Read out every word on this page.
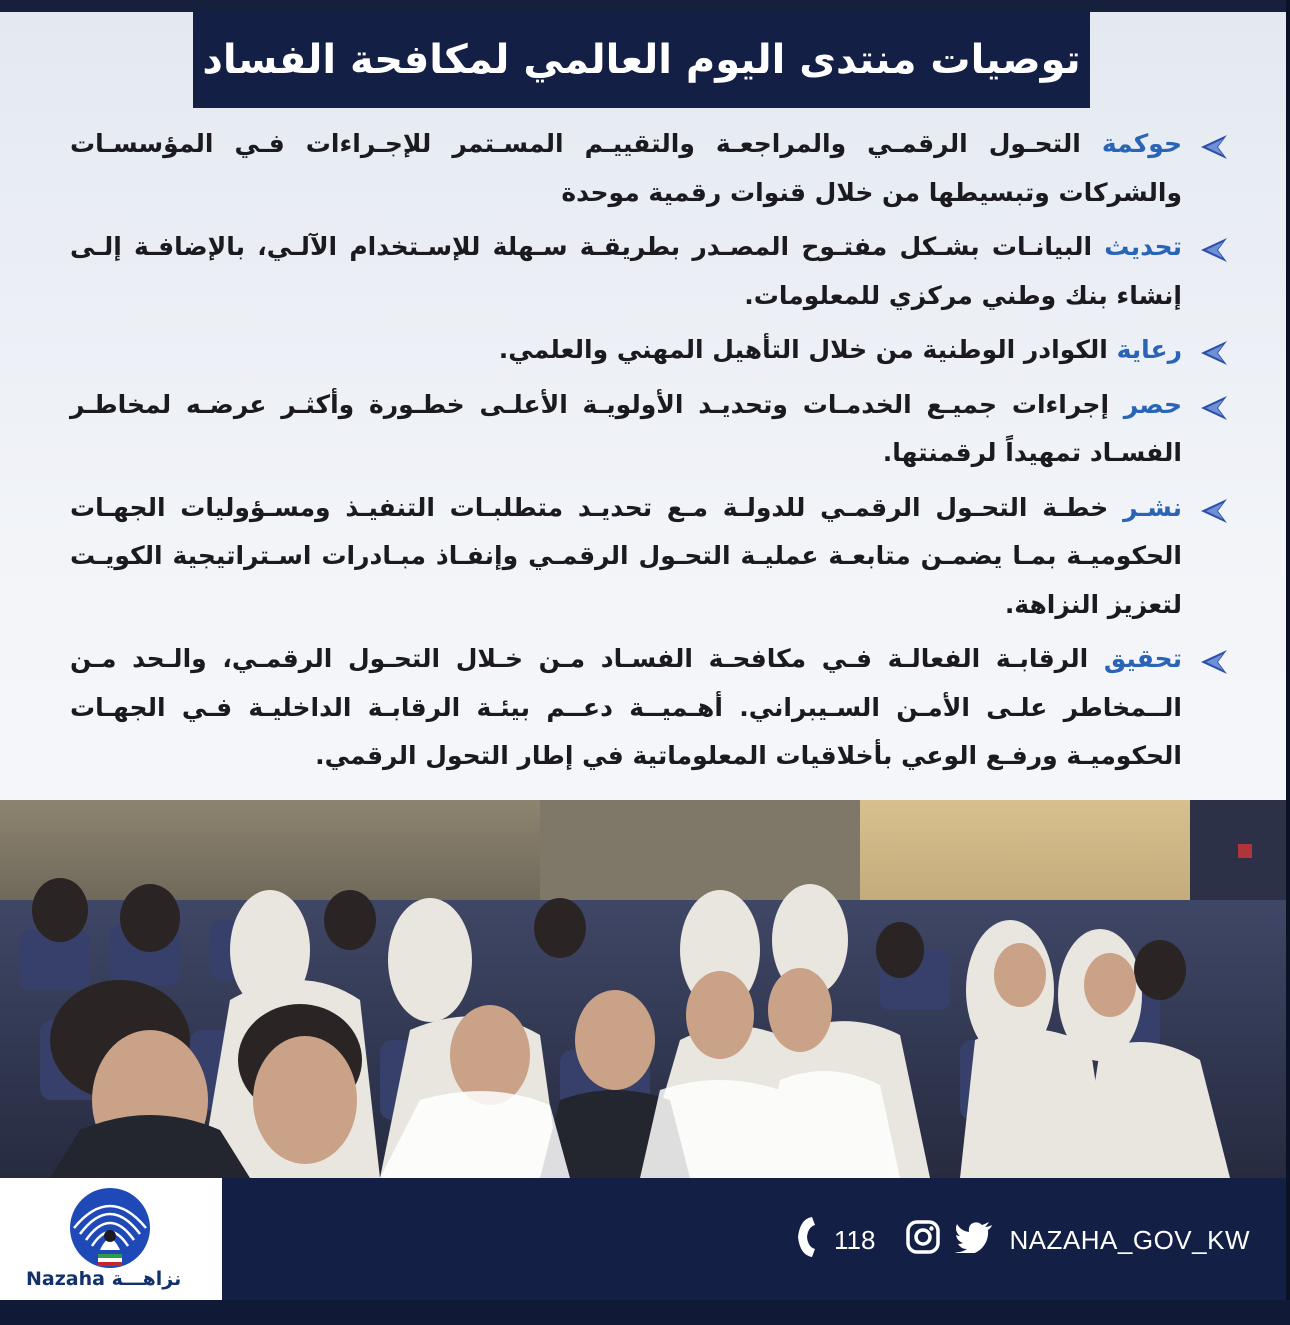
توصيات منتدى اليوم العالمي لمكافحة الفساد

حوكمة التحـول الرقمـي والمراجعـة والتقييـم المسـتمر للإجـراءات فـي المؤسسـات والشركات وتبسيطها من خلال قنوات رقمية موحدة

تحديث البيانـات بشـكل مفتـوح المصـدر بطريقـة سـهلة للإسـتخدام الآلـي، بالإضافـة إلـى إنشاء بنك وطني مركزي للمعلومات.

رعاية الكوادر الوطنية من خلال التأهيل المهني والعلمي.

حصر إجراءات جميـع الخدمـات وتحديـد الأولويـة الأعلـى خطـورة وأكثـر عرضـه لمخاطـر الفسـاد تمهيداً لرقمنتها.

نشـر خطـة التحـول الرقمـي للدولـة مـع تحديـد متطلبـات التنفيـذ ومسـؤوليات الجهـات الحكوميـة بمـا يضمـن متابعـة عمليـة التحـول الرقمـي وإنفـاذ مبـادرات اسـتراتيجية الكويـت لتعزيز النزاهة.

تحقيق الرقابـة الفعالـة فـي مكافحـة الفسـاد مـن خـلال التحـول الرقمـي، والـحد مـن الــمخاطر علـى الأمـن السـيبراني. أهـميــة دعــم بيئـة الرقابـة الداخليـة فـي الجهـات الحكوميـة ورفـع الوعي بأخلاقيات المعلوماتية في إطار التحول الرقمي.

Nazaha نزاهـــة
118	NAZAHA_GOV_KW
